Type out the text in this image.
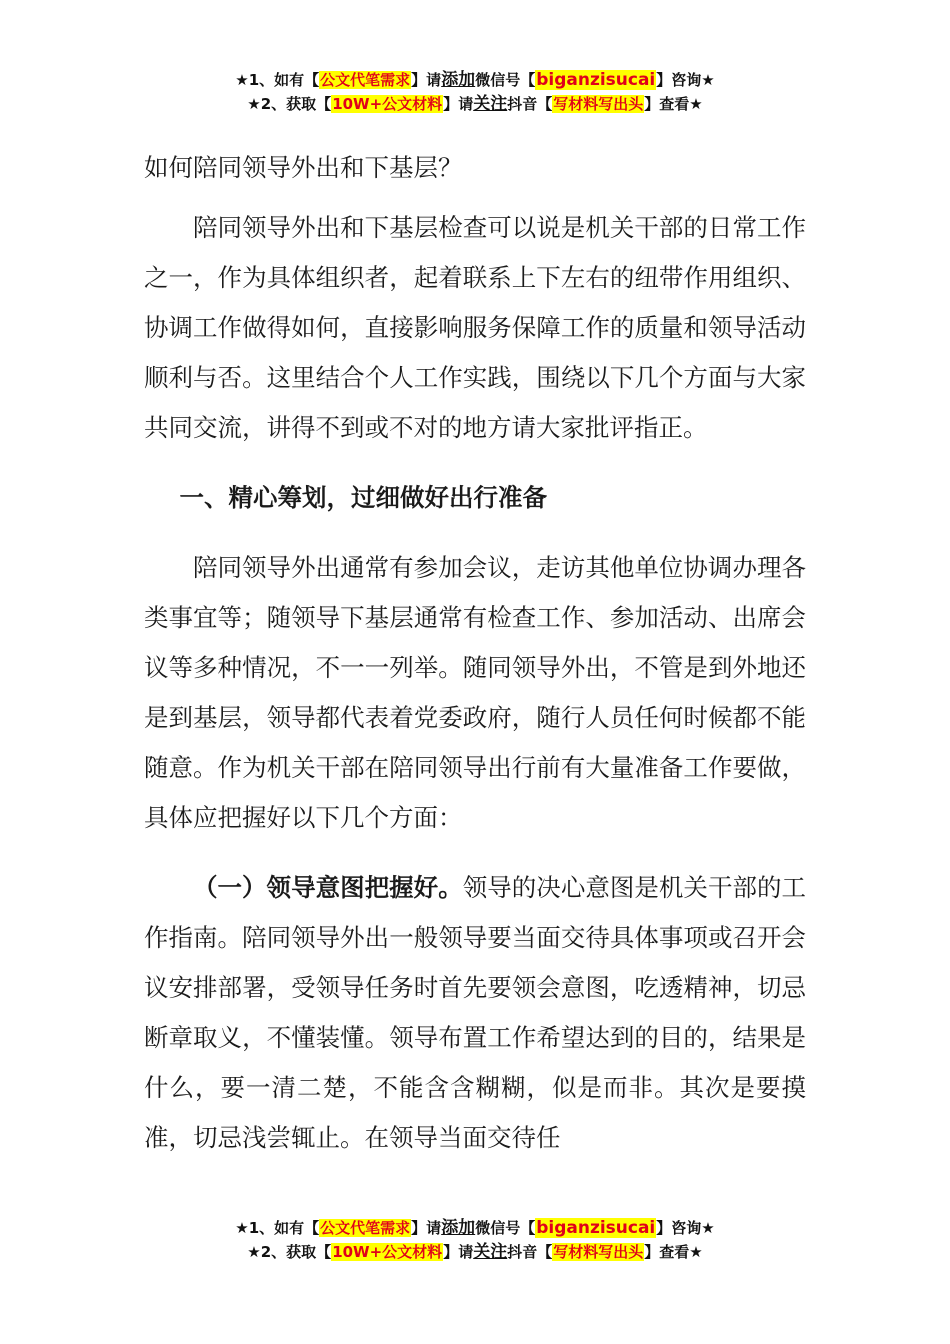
★1、如有【公文代笔需求】请添加微信号【biganzisucai】咨询★
★2、获取【10W+公文材料】请关注抖音【写材料写出头】查看★
如何陪同领导外出和下基层？

陪同领导外出和下基层检查可以说是机关干部的日常工作之一，作为具体组织者，起着联系上下左右的纽带作用组织、协调工作做得如何，直接影响服务保障工作的质量和领导活动顺利与否。这里结合个人工作实践，围绕以下几个方面与大家共同交流，讲得不到或不对的地方请大家批评指正。

一、精心筹划，过细做好出行准备

陪同领导外出通常有参加会议，走访其他单位协调办理各类事宜等；随领导下基层通常有检查工作、参加活动、出席会议等多种情况，不一一列举。随同领导外出，不管是到外地还是到基层，领导都代表着党委政府，随行人员任何时候都不能随意。作为机关干部在陪同领导出行前有大量准备工作要做，具体应把握好以下几个方面：

（一）领导意图把握好。领导的决心意图是机关干部的工作指南。陪同领导外出一般领导要当面交待具体事项或召开会议安排部署，受领导任务时首先要领会意图，吃透精神，切忌断章取义，不懂装懂。领导布置工作希望达到的目的，结果是什么，要一清二楚，不能含含糊糊，似是而非。其次是要摸准，切忌浅尝辄止。在领导当面交待任

★1、如有【公文代笔需求】请添加微信号【biganzisucai】咨询★
★2、获取【10W+公文材料】请关注抖音【写材料写出头】查看★
